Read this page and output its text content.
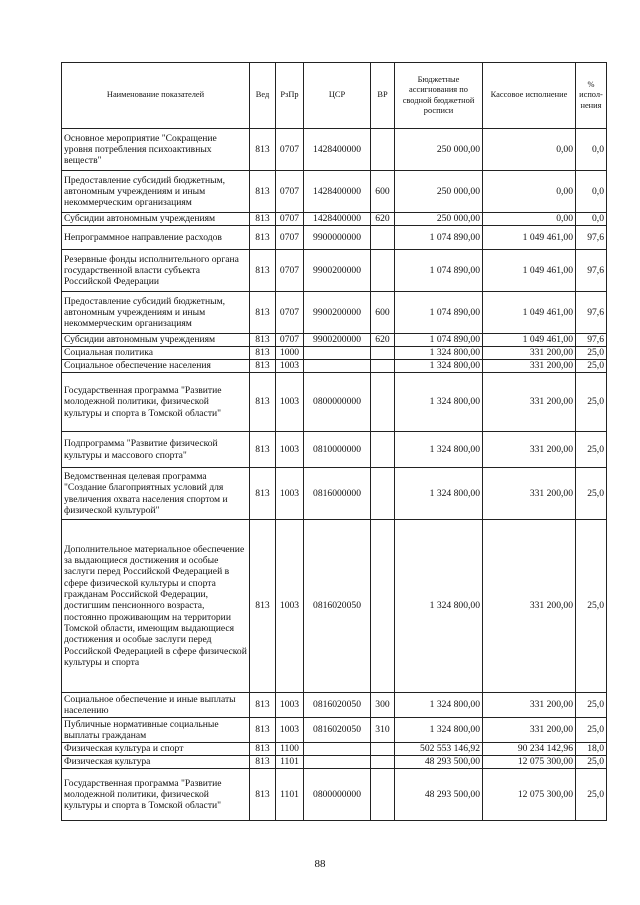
Наименование показателей	Вед	РзПр	ЦСР	ВР	Бюджетные ассигнования по сводной бюджетной росписи	Кассовое исполнение	% испол-нения
Основное мероприятие "Сокращение уровня потребления психоактивных веществ"	813	0707	1428400000		250 000,00	0,00	0,0
Предоставление субсидий бюджетным, автономным учреждениям и иным некоммерческим организациям	813	0707	1428400000	600	250 000,00	0,00	0,0
Субсидии автономным учреждениям	813	0707	1428400000	620	250 000,00	0,00	0,0
Непрограммное направление расходов	813	0707	9900000000		1 074 890,00	1 049 461,00	97,6
Резервные фонды исполнительного органа государственной власти субъекта Российской Федерации	813	0707	9900200000		1 074 890,00	1 049 461,00	97,6
Предоставление субсидий бюджетным, автономным учреждениям и иным некоммерческим организациям	813	0707	9900200000	600	1 074 890,00	1 049 461,00	97,6
Субсидии автономным учреждениям	813	0707	9900200000	620	1 074 890,00	1 049 461,00	97,6
Социальная политика	813	1000			1 324 800,00	331 200,00	25,0
Социальное обеспечение населения	813	1003			1 324 800,00	331 200,00	25,0
Государственная программа "Развитие молодежной политики, физической культуры и спорта в Томской области"	813	1003	0800000000		1 324 800,00	331 200,00	25,0
Подпрограмма "Развитие физической культуры и массового спорта"	813	1003	0810000000		1 324 800,00	331 200,00	25,0
Ведомственная целевая программа "Создание благоприятных условий для увеличения охвата населения спортом и физической культурой"	813	1003	0816000000		1 324 800,00	331 200,00	25,0
Дополнительное материальное обеспечение за выдающиеся достижения и особые заслуги перед Российской Федерацией в сфере физической культуры и спорта гражданам Российской Федерации, достигшим пенсионного возраста, постоянно проживающим на территории Томской области, имеющим выдающиеся достижения и особые заслуги перед Российской Федерацией в сфере физической культуры и спорта	813	1003	0816020050		1 324 800,00	331 200,00	25,0
Социальное обеспечение и иные выплаты населению	813	1003	0816020050	300	1 324 800,00	331 200,00	25,0
Публичные нормативные социальные выплаты гражданам	813	1003	0816020050	310	1 324 800,00	331 200,00	25,0
Физическая культура и спорт	813	1100			502 553 146,92	90 234 142,96	18,0
Физическая культура	813	1101			48 293 500,00	12 075 300,00	25,0
Государственная программа "Развитие молодежной политики, физической культуры и спорта в Томской области"	813	1101	0800000000		48 293 500,00	12 075 300,00	25,0
88
